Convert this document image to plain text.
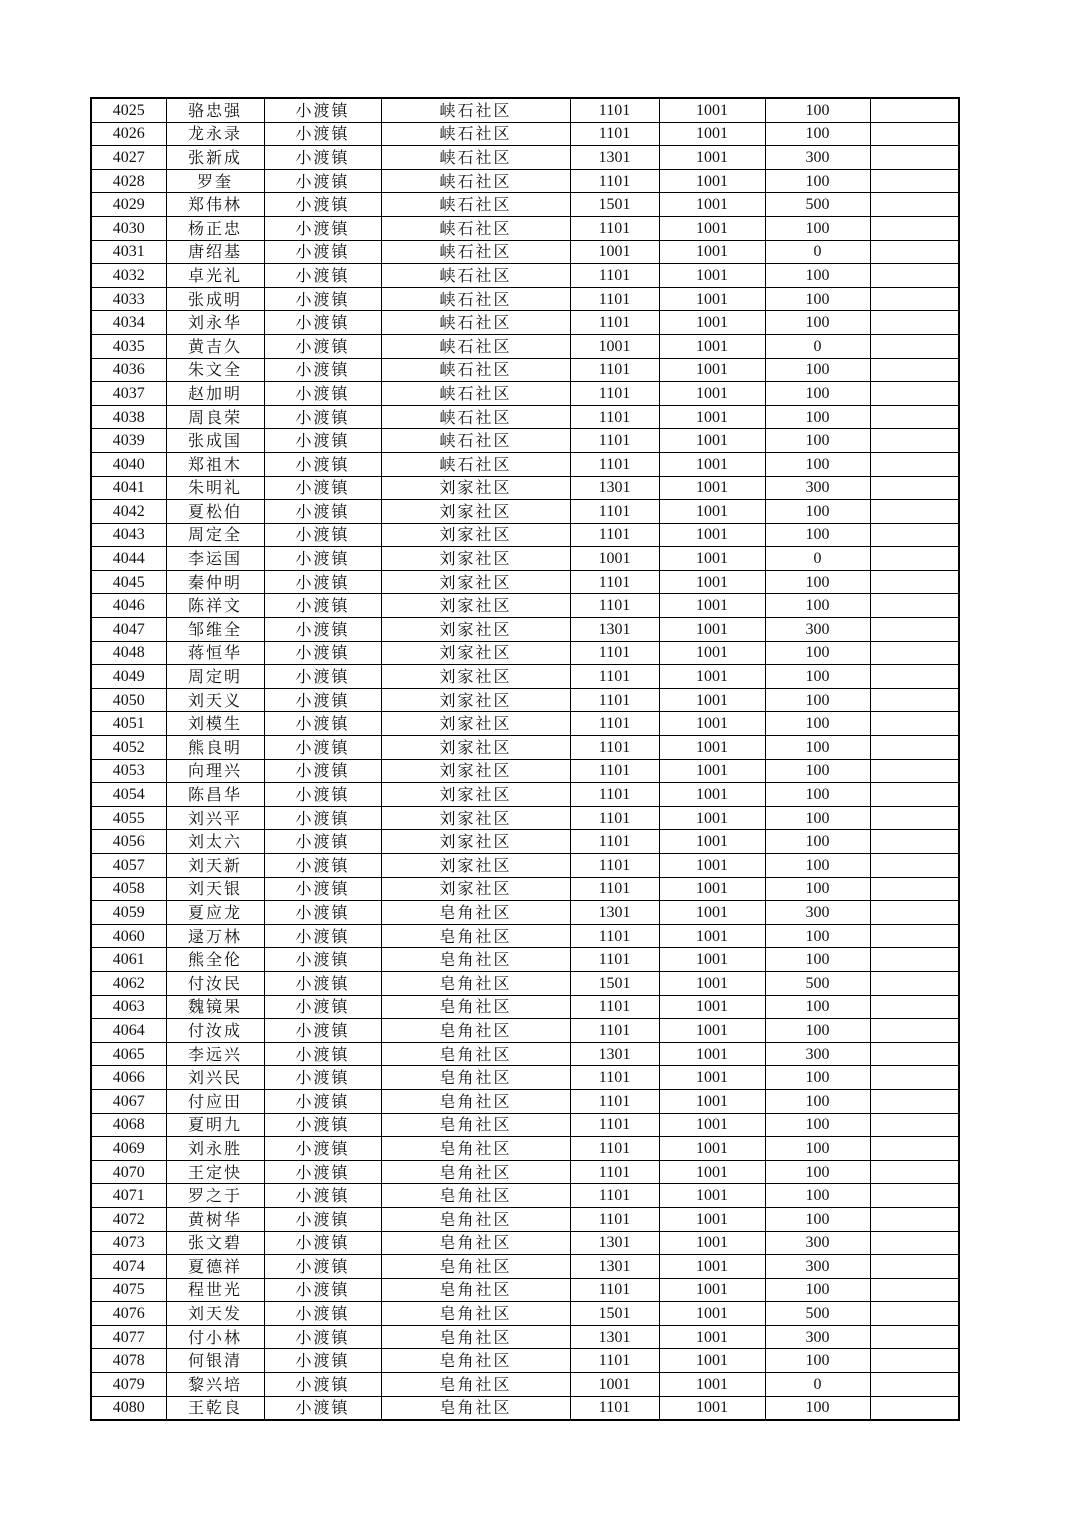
4025	骆忠强	小渡镇	峡石社区	1101	1001	100	
4026	龙永录	小渡镇	峡石社区	1101	1001	100	
4027	张新成	小渡镇	峡石社区	1301	1001	300	
4028	罗奎	小渡镇	峡石社区	1101	1001	100	
4029	郑伟林	小渡镇	峡石社区	1501	1001	500	
4030	杨正忠	小渡镇	峡石社区	1101	1001	100	
4031	唐绍基	小渡镇	峡石社区	1001	1001	0	
4032	卓光礼	小渡镇	峡石社区	1101	1001	100	
4033	张成明	小渡镇	峡石社区	1101	1001	100	
4034	刘永华	小渡镇	峡石社区	1101	1001	100	
4035	黄吉久	小渡镇	峡石社区	1001	1001	0	
4036	朱文全	小渡镇	峡石社区	1101	1001	100	
4037	赵加明	小渡镇	峡石社区	1101	1001	100	
4038	周良荣	小渡镇	峡石社区	1101	1001	100	
4039	张成国	小渡镇	峡石社区	1101	1001	100	
4040	郑祖木	小渡镇	峡石社区	1101	1001	100	
4041	朱明礼	小渡镇	刘家社区	1301	1001	300	
4042	夏松伯	小渡镇	刘家社区	1101	1001	100	
4043	周定全	小渡镇	刘家社区	1101	1001	100	
4044	李运国	小渡镇	刘家社区	1001	1001	0	
4045	秦仲明	小渡镇	刘家社区	1101	1001	100	
4046	陈祥文	小渡镇	刘家社区	1101	1001	100	
4047	邹维全	小渡镇	刘家社区	1301	1001	300	
4048	蒋恒华	小渡镇	刘家社区	1101	1001	100	
4049	周定明	小渡镇	刘家社区	1101	1001	100	
4050	刘天义	小渡镇	刘家社区	1101	1001	100	
4051	刘模生	小渡镇	刘家社区	1101	1001	100	
4052	熊良明	小渡镇	刘家社区	1101	1001	100	
4053	向理兴	小渡镇	刘家社区	1101	1001	100	
4054	陈昌华	小渡镇	刘家社区	1101	1001	100	
4055	刘兴平	小渡镇	刘家社区	1101	1001	100	
4056	刘太六	小渡镇	刘家社区	1101	1001	100	
4057	刘天新	小渡镇	刘家社区	1101	1001	100	
4058	刘天银	小渡镇	刘家社区	1101	1001	100	
4059	夏应龙	小渡镇	皂角社区	1301	1001	300	
4060	逯万林	小渡镇	皂角社区	1101	1001	100	
4061	熊全伦	小渡镇	皂角社区	1101	1001	100	
4062	付汝民	小渡镇	皂角社区	1501	1001	500	
4063	魏镜果	小渡镇	皂角社区	1101	1001	100	
4064	付汝成	小渡镇	皂角社区	1101	1001	100	
4065	李远兴	小渡镇	皂角社区	1301	1001	300	
4066	刘兴民	小渡镇	皂角社区	1101	1001	100	
4067	付应田	小渡镇	皂角社区	1101	1001	100	
4068	夏明九	小渡镇	皂角社区	1101	1001	100	
4069	刘永胜	小渡镇	皂角社区	1101	1001	100	
4070	王定快	小渡镇	皂角社区	1101	1001	100	
4071	罗之于	小渡镇	皂角社区	1101	1001	100	
4072	黄树华	小渡镇	皂角社区	1101	1001	100	
4073	张文碧	小渡镇	皂角社区	1301	1001	300	
4074	夏德祥	小渡镇	皂角社区	1301	1001	300	
4075	程世光	小渡镇	皂角社区	1101	1001	100	
4076	刘天发	小渡镇	皂角社区	1501	1001	500	
4077	付小林	小渡镇	皂角社区	1301	1001	300	
4078	何银清	小渡镇	皂角社区	1101	1001	100	
4079	黎兴培	小渡镇	皂角社区	1001	1001	0	
4080	王乾良	小渡镇	皂角社区	1101	1001	100	
